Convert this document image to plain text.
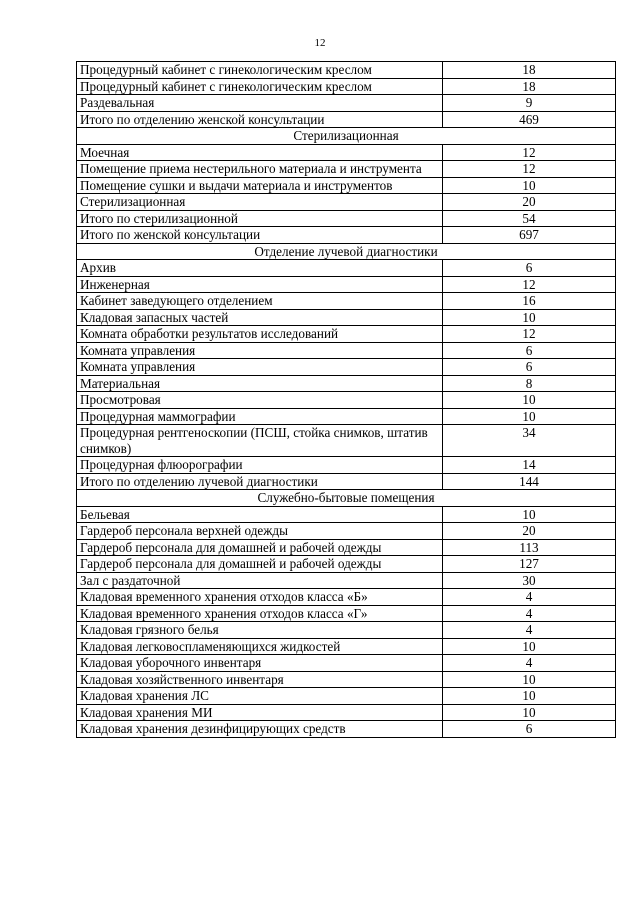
12
Процедурный кабинет с гинекологическим креслом	18
Процедурный кабинет с гинекологическим креслом	18
Раздевальная	9
Итого по отделению женской консультации	469
Стерилизационная	
Моечная	12
Помещение приема нестерильного материала и инструмента	12
Помещение сушки и выдачи материала и инструментов	10
Стерилизационная	20
Итого по стерилизационной	54
Итого по женской консультации	697
Отделение лучевой диагностики	
Архив	6
Инженерная	12
Кабинет заведующего отделением	16
Кладовая запасных частей	10
Комната обработки результатов исследований	12
Комната управления	6
Комната управления	6
Материальная	8
Просмотровая	10
Процедурная маммографии	10
Процедурная рентгеноскопии (ПСШ, стойка снимков, штатив снимков)	34
Процедурная флюорографии	14
Итого по отделению лучевой диагностики	144
Служебно-бытовые помещения	
Бельевая	10
Гардероб персонала верхней одежды	20
Гардероб персонала для домашней и рабочей одежды	113
Гардероб персонала для домашней и рабочей одежды	127
Зал с раздаточной	30
Кладовая временного хранения отходов класса «Б»	4
Кладовая временного хранения отходов класса «Г»	4
Кладовая грязного белья	4
Кладовая легковоспламеняющихся жидкостей	10
Кладовая уборочного инвентаря	4
Кладовая хозяйственного инвентаря	10
Кладовая хранения ЛС	10
Кладовая хранения МИ	10
Кладовая хранения дезинфицирующих средств	6
